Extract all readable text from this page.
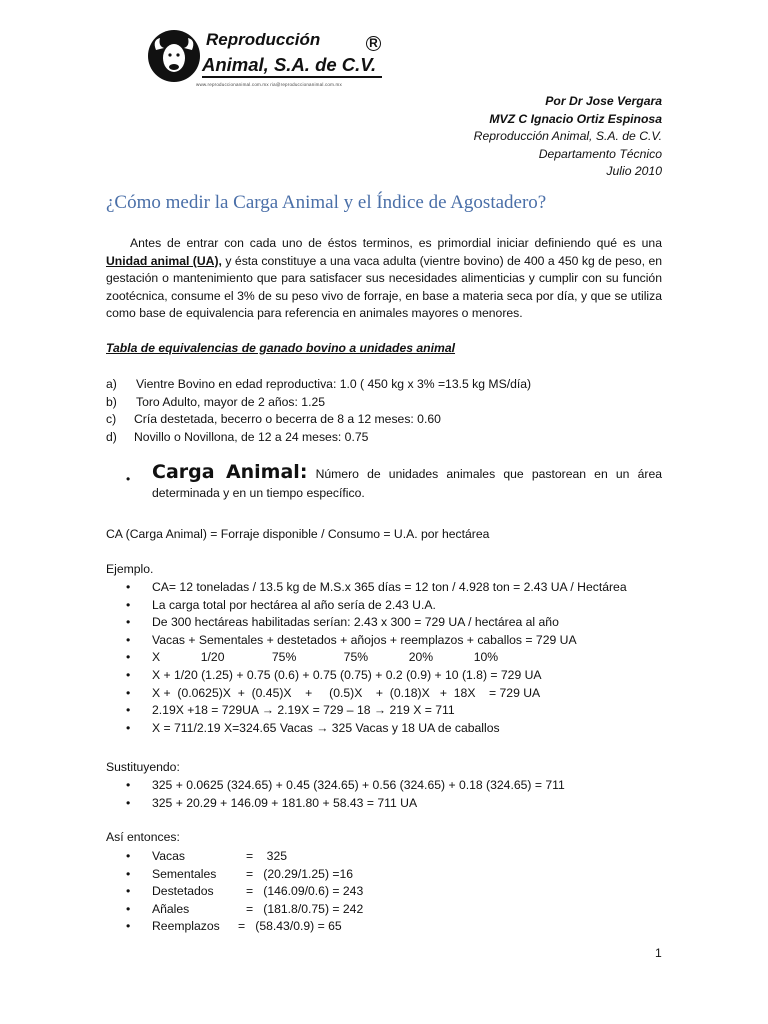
Reproducción	R
Animal, S.A. de C.V.
www.reproduccionanimal.com.mx ria@reproduccionanimal.com.mx
Por Dr Jose Vergara
MVZ C Ignacio Ortiz Espinosa
Reproducción Animal, S.A. de C.V.
Departamento Técnico
Julio 2010
¿Cómo medir la Carga Animal y el Índice de Agostadero?
Antes de entrar con cada uno de éstos terminos, es primordial iniciar definiendo qué es una Unidad animal (UA), y ésta constituye a una vaca adulta (vientre bovino) de 400 a 450 kg de peso, en gestación o mantenimiento que para satisfacer sus necesidades alimenticias y cumplir con su función zootécnica, consume el 3% de su peso vivo de forraje, en base a materia seca por día, y que se utiliza como base de equivalencia para referencia en animales mayores o menores.
Tabla de equivalencias de ganado bovino a unidades animal
a) Vientre Bovino en edad reproductiva: 1.0 ( 450 kg x 3% =13.5 kg MS/día)
b) Toro Adulto, mayor de 2 años: 1.25
c) Cría destetada, becerro o becerra de 8 a 12 meses: 0.60
d) Novillo o Novillona, de 12 a 24 meses: 0.75
• Carga Animal: Número de unidades animales que pastorean en un área determinada y en un tiempo específico.
CA (Carga Animal) = Forraje disponible / Consumo = U.A. por hectárea
Ejemplo.
• CA= 12 toneladas / 13.5 kg de M.S.x 365 días = 12 ton / 4.928 ton = 2.43 UA / Hectárea
• La carga total por hectárea al año sería de 2.43 U.A.
• De 300 hectáreas habilitadas serían: 2.43 x 300 = 729 UA / hectárea al año
• Vacas + Sementales + destetados + añojos + reemplazos + caballos = 729 UA
• X            1/20              75%              75%            20%            10%
• X + 1/20 (1.25) + 0.75 (0.6) + 0.75 (0.75) + 0.2 (0.9) + 10 (1.8) = 729 UA
• X +  (0.0625)X  +  (0.45)X    +     (0.5)X    +  (0.18)X   +  18X    = 729 UA
• 2.19X +18 = 729UA → 2.19X = 729 – 18 → 219 X = 711
• X = 711/2.19 X=324.65 Vacas → 325 Vacas y 18 UA de caballos
Sustituyendo:
• 325 + 0.0625 (324.65) + 0.45 (324.65) + 0.56 (324.65) + 0.18 (324.65) = 711
• 325 + 20.29 + 146.09 + 181.80 + 58.43 = 711 UA
Así entonces:
• Vacas	=    325
• Sementales =   (20.29/1.25) =16
• Destetados	=   (146.09/0.6) = 243
• Añales	=   (181.8/0.75) = 242
• Reemplazos =   (58.43/0.9) = 65
1
